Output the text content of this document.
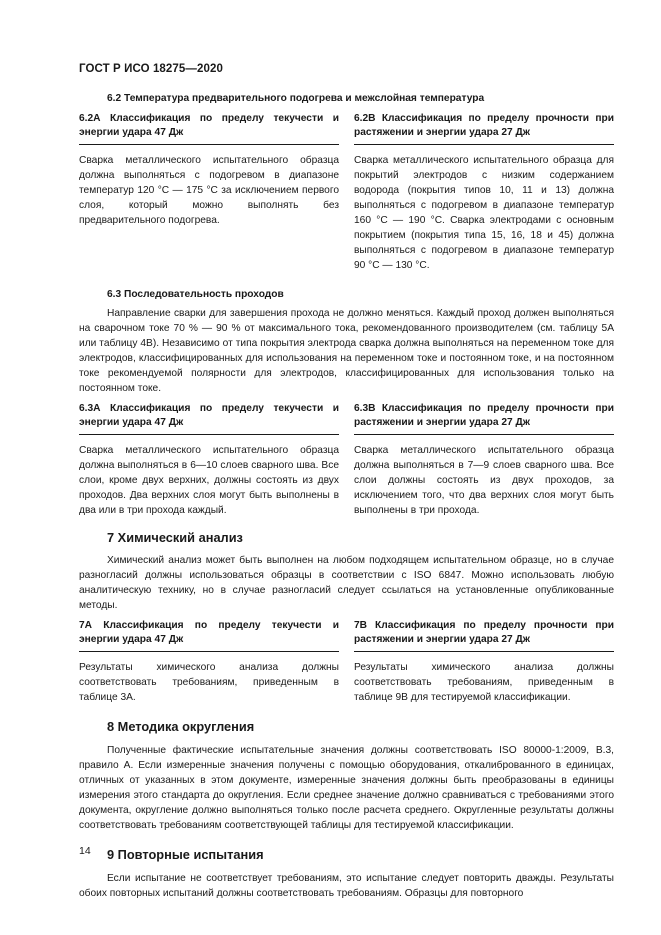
ГОСТ Р ИСО 18275—2020

6.2 Температура предварительного подогрева и межслойная температура

6.2А Классификация по пределу текучести и энергии удара 47 Дж

Сварка металлического испытательного образца должна выполняться с подогревом в диапазоне температур 120 °С — 175 °С за исключением первого слоя, который можно выполнять без предварительного подогрева.

6.2В Классификация по пределу прочности при растяжении и энергии удара 27 Дж

Сварка металлического испытательного образца для покрытий электродов с низким содержанием водорода (покрытия типов 10, 11 и 13) должна выполняться с подогревом в диапазоне температур 160 °С — 190 °С. Сварка электродами с основным покрытием (покрытия типа 15, 16, 18 и 45) должна выполняться с подогревом в диапазоне температур 90 °С — 130 °С.

6.3 Последовательность проходов

Направление сварки для завершения прохода не должно меняться. Каждый проход должен выполняться на сварочном токе 70 % — 90 % от максимального тока, рекомендованного производителем (см. таблицу 5А или таблицу 4В). Независимо от типа покрытия электрода сварка должна выполняться на переменном токе для электродов, классифицированных для использования на переменном токе и постоянном токе, и на постоянном токе рекомендуемой полярности для электродов, классифицированных для использования только на постоянном токе.

6.3А Классификация по пределу текучести и энергии удара 47 Дж

Сварка металлического испытательного образца должна выполняться в 6—10 слоев сварного шва. Все слои, кроме двух верхних, должны состоять из двух проходов. Два верхних слоя могут быть выполнены в два или в три прохода каждый.

6.3В Классификация по пределу прочности при растяжении и энергии удара 27 Дж

Сварка металлического испытательного образца должна выполняться в 7—9 слоев сварного шва. Все слои должны состоять из двух проходов, за исключением того, что два верхних слоя могут быть выполнены в три прохода.

7 Химический анализ

Химический анализ может быть выполнен на любом подходящем испытательном образце, но в случае разногласий должны использоваться образцы в соответствии с ISO 6847. Можно использовать любую аналитическую технику, но в случае разногласий следует ссылаться на установленные опубликованные методы.

7А Классификация по пределу текучести и энергии удара 47 Дж

Результаты химического анализа должны соответствовать требованиям, приведенным в таблице 3А.

7В Классификация по пределу прочности при растяжении и энергии удара 27 Дж

Результаты химического анализа должны соответствовать требованиям, приведенным в таблице 9В для тестируемой классификации.

8 Методика округления

Полученные фактические испытательные значения должны соответствовать ISO 80000-1:2009, В.3, правило А. Если измеренные значения получены с помощью оборудования, откалиброванного в единицах, отличных от указанных в этом документе, измеренные значения должны быть преобразованы в единицы измерения этого стандарта до округления. Если среднее значение должно сравниваться с требованиями этого документа, округление должно выполняться только после расчета среднего. Округленные результаты должны соответствовать требованиям соответствующей таблицы для тестируемой классификации.

9 Повторные испытания

Если испытание не соответствует требованиям, это испытание следует повторить дважды. Результаты обоих повторных испытаний должны соответствовать требованиям. Образцы для повторного

14
